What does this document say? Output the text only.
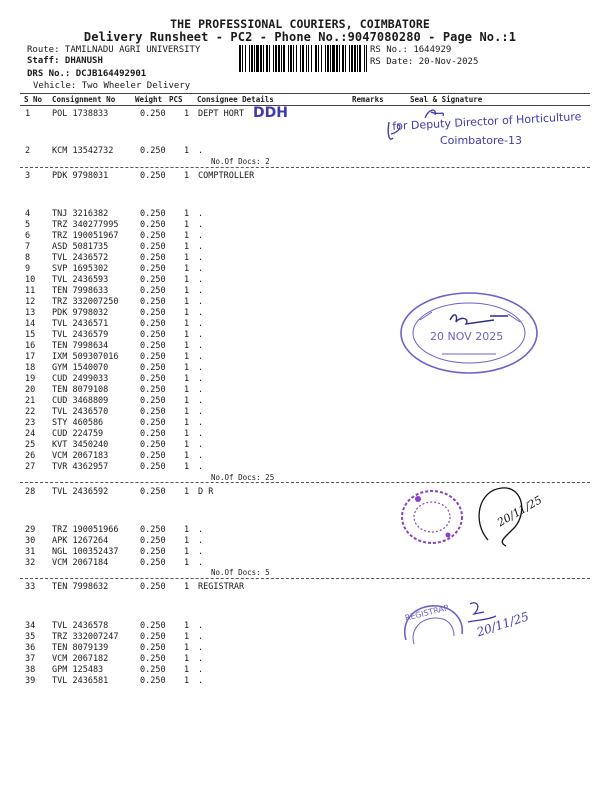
THE PROFESSIONAL COURIERS, COIMBATORE
Delivery Runsheet - PC2 - Phone No.:9047080280 - Page No.:1
Route: TAMILNADU AGRI UNIVERSITY
Staff: DHANUSH
DRS No.: DCJB164492901
Vehicle: Two Wheeler Delivery
RS No.: 1644929
RS Date: 20-Nov-2025
S No Consignment No	Weight PCS Consignee Details	Remarks	Seal & Signature
1	POL 1738833	0.250 1 DEPT HORT
2	KCM 13542732	0.250 1 .
3	PDK 9798031	0.250 1 COMPTROLLER
4	TNJ 3216382	0.250 1 .
5	TRZ 340277995	0.250 1 .
6	TRZ 190051967	0.250 1 .
7	ASD 5081735	0.250 1 .
8	TVL 2436572	0.250 1 .
9	SVP 1695302	0.250 1 .
10 TVL 2436593	0.250 1 .
11 TEN 7998633	0.250 1 .
12 TRZ 332007250	0.250 1 .
13 PDK 9798032	0.250 1 .
14 TVL 2436571	0.250 1 .
15 TVL 2436579	0.250 1 .
16 TEN 7998634	0.250 1 .
17 IXM 509307016	0.250 1 .
18 GYM 1540070	0.250 1 .
19 CUD 2499033	0.250 1 .
20 TEN 8079108	0.250 1 .
21 CUD 3468809	0.250 1 .
22 TVL 2436570	0.250 1 .
23 STY 460586	0.250 1 .
24 CUD 224759	0.250 1 .
25 KVT 3450240	0.250 1 .
26 VCM 2067183	0.250 1 .
27 TVR 4362957	0.250 1 .
28 TVL 2436592	0.250 1 D R
29 TRZ 190051966	0.250 1 .
30 APK 1267264	0.250 1 .
31 NGL 100352437	0.250 1 .
32 VCM 2067184	0.250 1 .
33 TEN 7998632	0.250 1 REGISTRAR
34 TVL 2436578	0.250 1 .
35 TRZ 332007247	0.250 1 .
36 TEN 8079139	0.250 1 .
37 VCM 2067182	0.250 1 .
38 GPM 125483	0.250 1 .
39 TVL 2436581	0.250 1 .
No.Of Docs: 2
No.Of Docs: 25
No.Of Docs: 5
DDH	for Deputy Director of Horticulture
Coimbatore-13
20 NOV 2025
20/11/25
REGISTRAR 20/11/25
